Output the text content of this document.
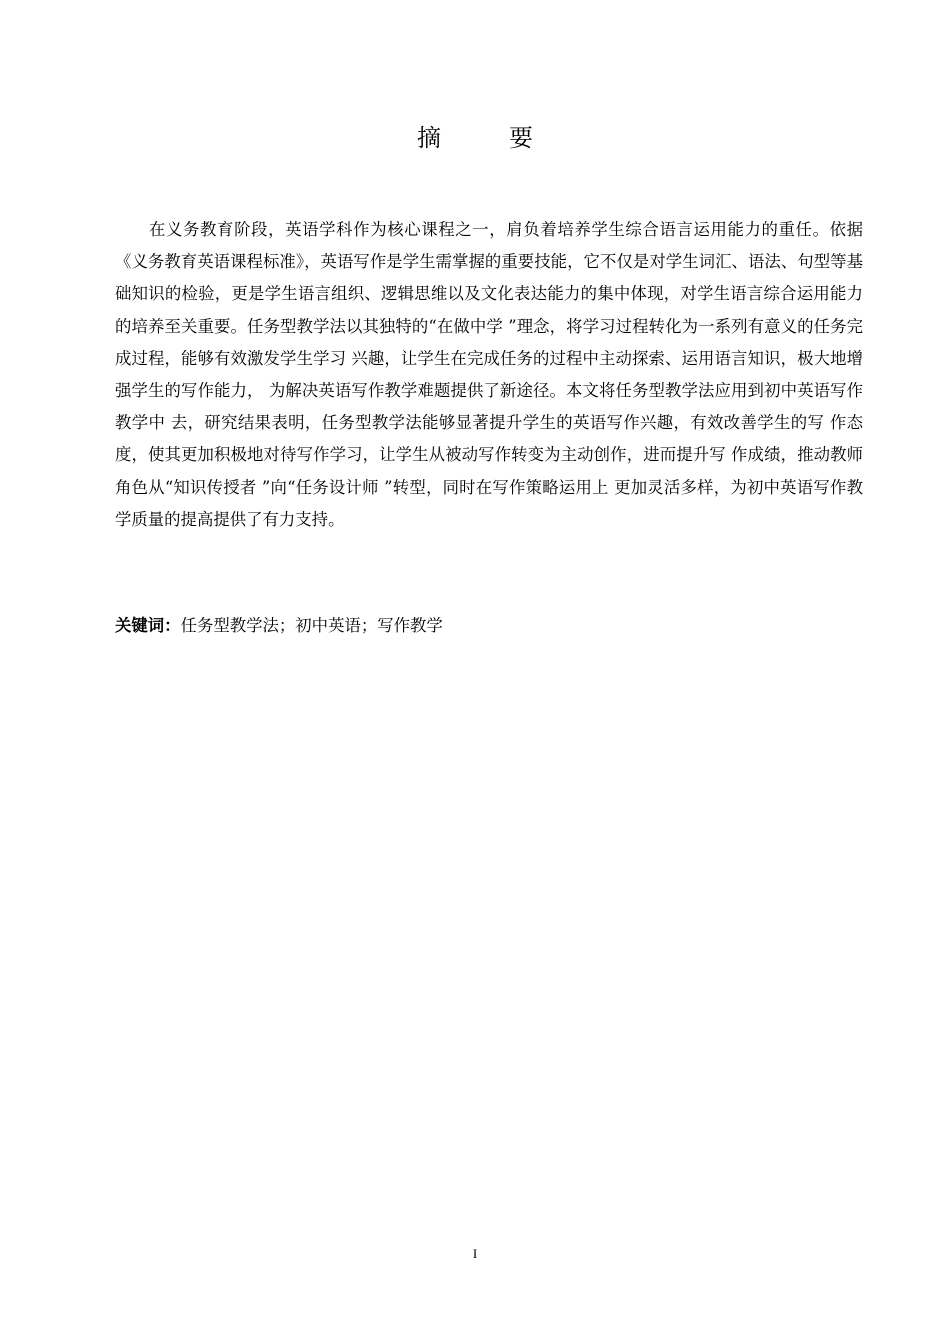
摘　要

在义务教育阶段，英语学科作为核心课程之一，肩负着培养学生综合语言运用能力的重任。依据《义务教育英语课程标准》，英语写作是学生需掌握的重要技能，它不仅是对学生词汇、语法、句型等基础知识的检验，更是学生语言组织、逻辑思维以及文化表达能力的集中体现，对学生语言综合运用能力的培养至关重要。任务型教学法以其独特的“在做中学 ”理念，将学习过程转化为一系列有意义的任务完成过程，能够有效激发学生学习 兴趣，让学生在完成任务的过程中主动探索、运用语言知识，极大地增强学生的写作能力， 为解决英语写作教学难题提供了新途径。本文将任务型教学法应用到初中英语写作教学中 去，研究结果表明，任务型教学法能够显著提升学生的英语写作兴趣，有效改善学生的写 作态度，使其更加积极地对待写作学习，让学生从被动写作转变为主动创作，进而提升写 作成绩，推动教师角色从“知识传授者 ”向“任务设计师 ”转型，同时在写作策略运用上 更加灵活多样，为初中英语写作教学质量的提高提供了有力支持。

关键词：任务型教学法；初中英语；写作教学

I
